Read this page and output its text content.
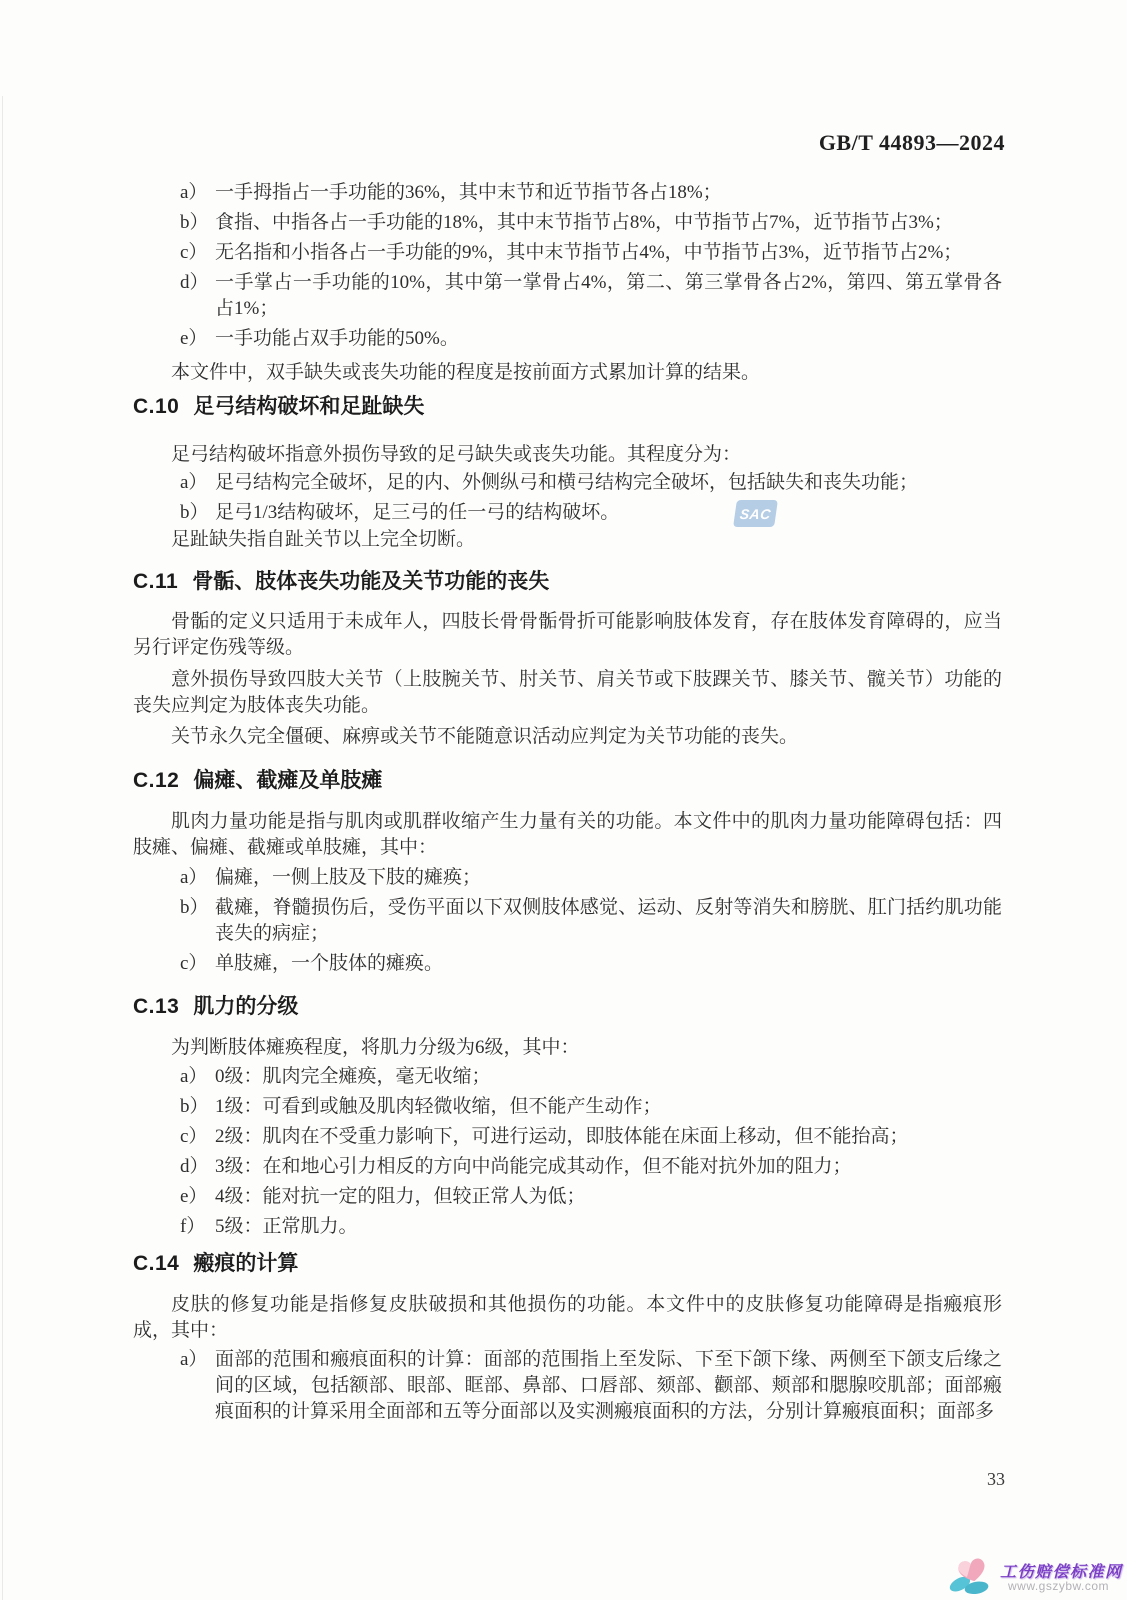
GB/T 44893—2024
a） 一手拇指占一手功能的36%，其中末节和近节指节各占18%；
b） 食指、中指各占一手功能的18%，其中末节指节占8%，中节指节占7%，近节指节占3%；
c） 无名指和小指各占一手功能的9%，其中末节指节占4%，中节指节占3%，近节指节占2%；
d） 一手掌占一手功能的10%，其中第一掌骨占4%，第二、第三掌骨各占2%，第四、第五掌骨各占1%；
e） 一手功能占双手功能的50%。

本文件中，双手缺失或丧失功能的程度是按前面方式累加计算的结果。

C.10 足弓结构破坏和足趾缺失

足弓结构破坏指意外损伤导致的足弓缺失或丧失功能。其程度分为：

a） 足弓结构完全破坏，足的内、外侧纵弓和横弓结构完全破坏，包括缺失和丧失功能；
b） 足弓1/3结构破坏，足三弓的任一弓的结构破坏。

足趾缺失指自趾关节以上完全切断。

C.11 骨骺、肢体丧失功能及关节功能的丧失

骨骺的定义只适用于未成年人，四肢长骨骨骺骨折可能影响肢体发育，存在肢体发育障碍的，应当另行评定伤残等级。

意外损伤导致四肢大关节（上肢腕关节、肘关节、肩关节或下肢踝关节、膝关节、髋关节）功能的丧失应判定为肢体丧失功能。

关节永久完全僵硬、麻痹或关节不能随意识活动应判定为关节功能的丧失。

C.12 偏瘫、截瘫及单肢瘫

肌肉力量功能是指与肌肉或肌群收缩产生力量有关的功能。本文件中的肌肉力量功能障碍包括：四肢瘫、偏瘫、截瘫或单肢瘫，其中：

a） 偏瘫，一侧上肢及下肢的瘫痪；
b） 截瘫，脊髓损伤后，受伤平面以下双侧肢体感觉、运动、反射等消失和膀胱、肛门括约肌功能丧失的病症；
c） 单肢瘫，一个肢体的瘫痪。
C.13 肌力的分级

为判断肢体瘫痪程度，将肌力分级为6级，其中：

a） 0级：肌肉完全瘫痪，毫无收缩；
b） 1级：可看到或触及肌肉轻微收缩，但不能产生动作；
c） 2级：肌肉在不受重力影响下，可进行运动，即肢体能在床面上移动，但不能抬高；
d） 3级：在和地心引力相反的方向中尚能完成其动作，但不能对抗外加的阻力；
e） 4级：能对抗一定的阻力，但较正常人为低；
f） 5级：正常肌力。
C.14 瘢痕的计算

皮肤的修复功能是指修复皮肤破损和其他损伤的功能。本文件中的皮肤修复功能障碍是指瘢痕形成，其中：

a） 面部的范围和瘢痕面积的计算：面部的范围指上至发际、下至下颌下缘、两侧至下颌支后缘之间的区域，包括额部、眼部、眶部、鼻部、口唇部、颏部、颧部、颊部和腮腺咬肌部；面部瘢痕面积的计算采用全面部和五等分面部以及实测瘢痕面积的方法，分别计算瘢痕面积；面部多
33
SAC
工伤赔偿标准网
www.gszybw.com
